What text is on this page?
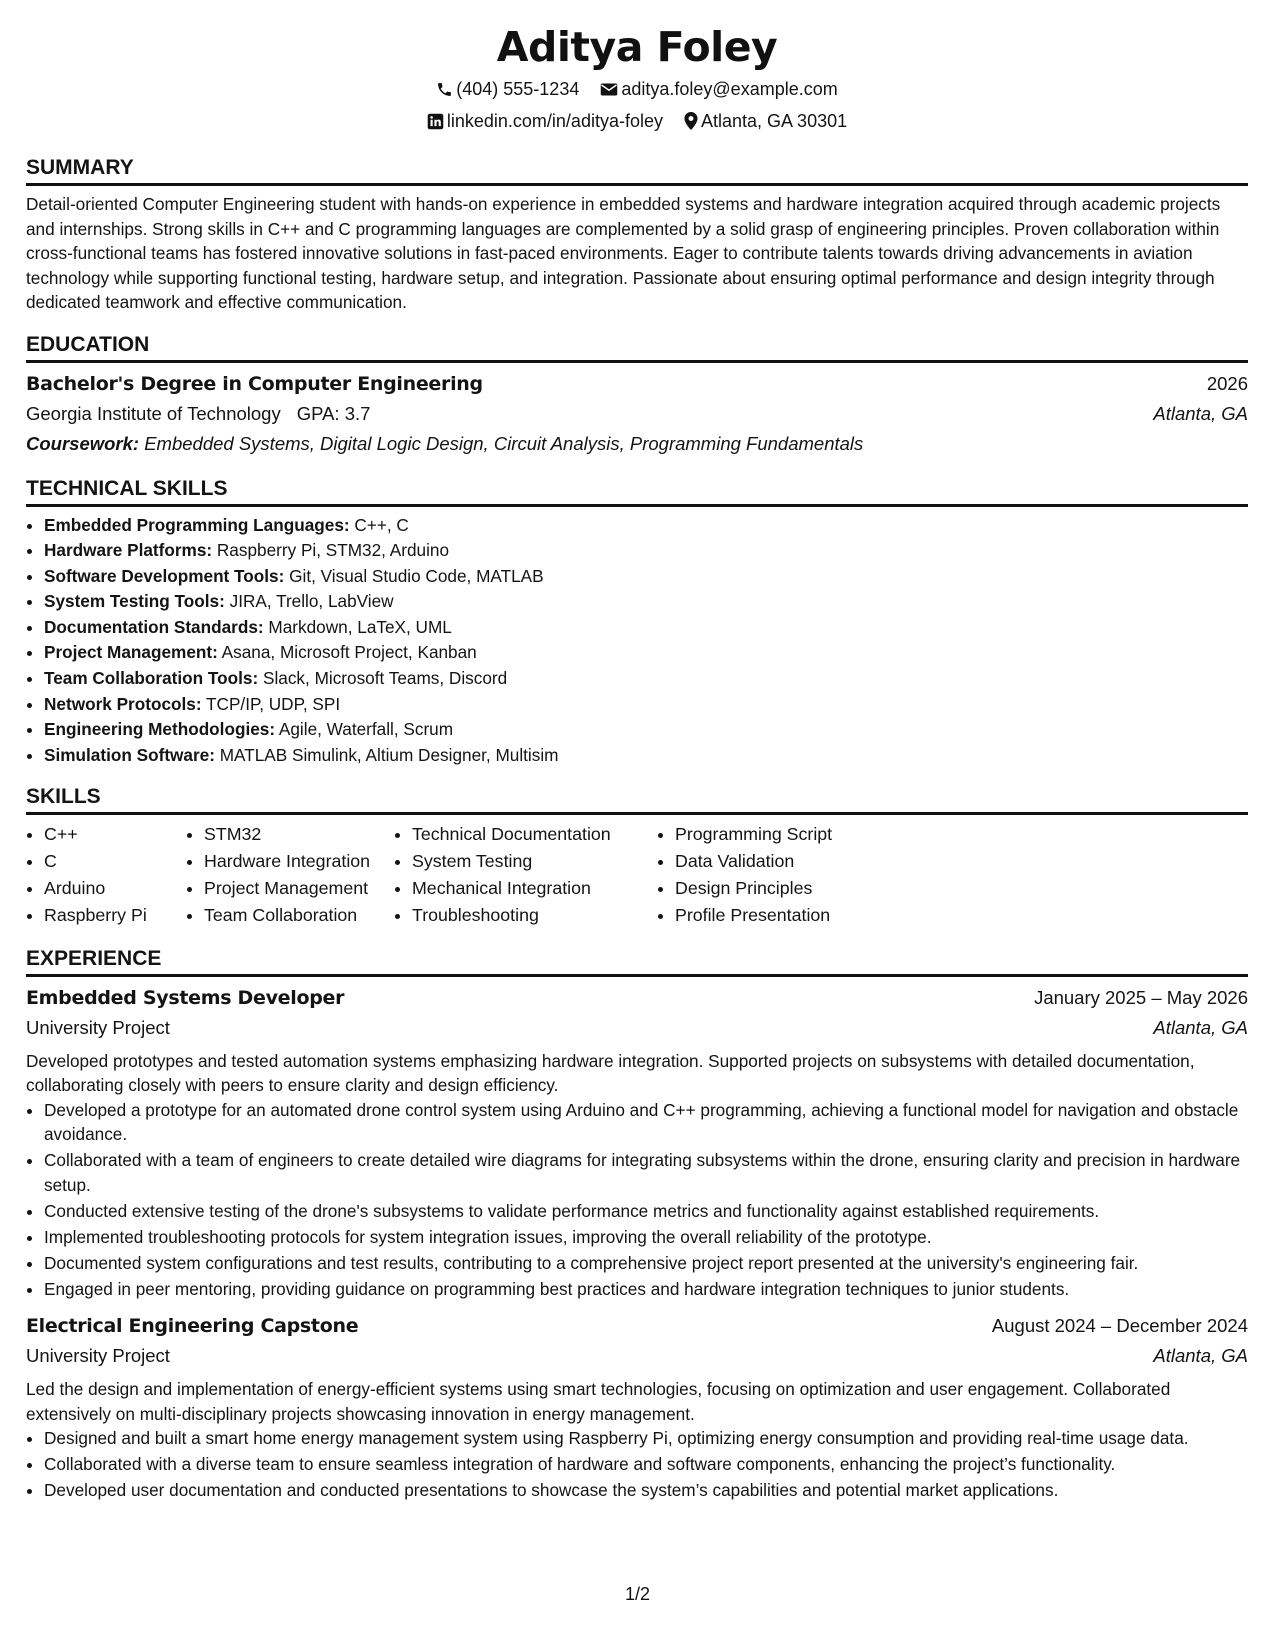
Aditya Foley
(404) 555-1234 aditya.foley@example.com
linkedin.com/in/aditya-foley Atlanta, GA 30301
SUMMARY
Detail-oriented Computer Engineering student with hands-on experience in embedded systems and hardware integration acquired through academic projects and internships. Strong skills in C++ and C programming languages are complemented by a solid grasp of engineering principles. Proven collaboration within cross-functional teams has fostered innovative solutions in fast-paced environments. Eager to contribute talents towards driving advancements in aviation technology while supporting functional testing, hardware setup, and integration. Passionate about ensuring optimal performance and design integrity through dedicated teamwork and effective communication.
EDUCATION
Bachelor's Degree in Computer Engineering	2026
Georgia Institute of Technology GPA: 3.7	Atlanta, GA
Coursework: Embedded Systems, Digital Logic Design, Circuit Analysis, Programming Fundamentals
TECHNICAL SKILLS
• Embedded Programming Languages: C++, C
• Hardware Platforms: Raspberry Pi, STM32, Arduino
• Software Development Tools: Git, Visual Studio Code, MATLAB
• System Testing Tools: JIRA, Trello, LabView
• Documentation Standards: Markdown, LaTeX, UML
• Project Management: Asana, Microsoft Project, Kanban
• Team Collaboration Tools: Slack, Microsoft Teams, Discord
• Network Protocols: TCP/IP, UDP, SPI
• Engineering Methodologies: Agile, Waterfall, Scrum
• Simulation Software: MATLAB Simulink, Altium Designer, Multisim
SKILLS
• C++
• C
• Arduino
• Raspberry Pi
• STM32
• Hardware Integration
• Project Management
• Team Collaboration
• Technical Documentation
• System Testing
• Mechanical Integration
• Troubleshooting
• Programming Script
• Data Validation
• Design Principles
• Profile Presentation
EXPERIENCE
Embedded Systems Developer	January 2025 – May 2026
University Project	Atlanta, GA
Developed prototypes and tested automation systems emphasizing hardware integration. Supported projects on subsystems with detailed documentation, collaborating closely with peers to ensure clarity and design efficiency.
• Developed a prototype for an automated drone control system using Arduino and C++ programming, achieving a functional model for navigation and obstacle avoidance.
• Collaborated with a team of engineers to create detailed wire diagrams for integrating subsystems within the drone, ensuring clarity and precision in hardware setup.
• Conducted extensive testing of the drone's subsystems to validate performance metrics and functionality against established requirements.
• Implemented troubleshooting protocols for system integration issues, improving the overall reliability of the prototype.
• Documented system configurations and test results, contributing to a comprehensive project report presented at the university's engineering fair.
• Engaged in peer mentoring, providing guidance on programming best practices and hardware integration techniques to junior students.
Electrical Engineering Capstone	August 2024 – December 2024
University Project	Atlanta, GA
Led the design and implementation of energy-efficient systems using smart technologies, focusing on optimization and user engagement. Collaborated extensively on multi-disciplinary projects showcasing innovation in energy management.
• Designed and built a smart home energy management system using Raspberry Pi, optimizing energy consumption and providing real-time usage data.
• Collaborated with a diverse team to ensure seamless integration of hardware and software components, enhancing the project’s functionality.
• Developed user documentation and conducted presentations to showcase the system’s capabilities and potential market applications.
1/2
